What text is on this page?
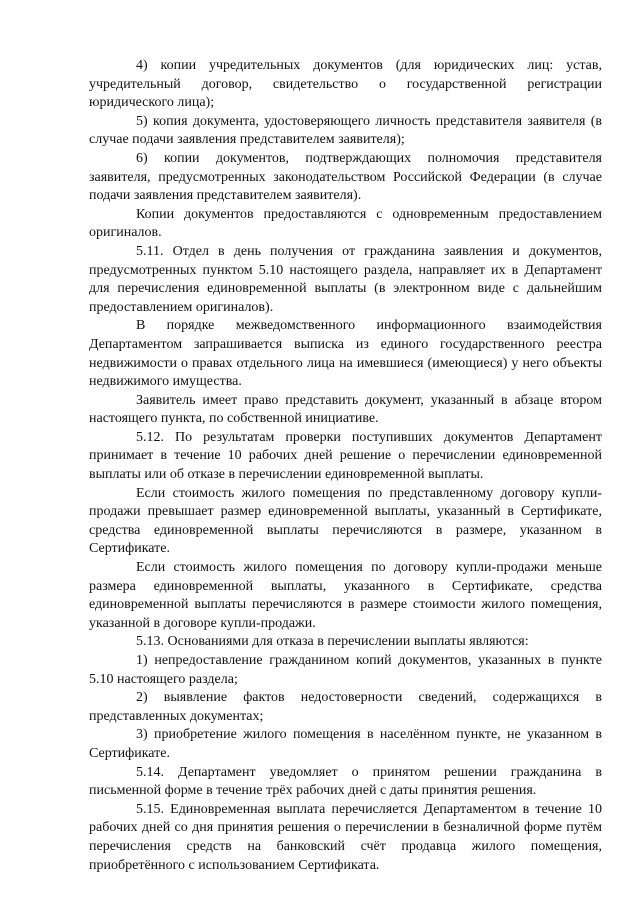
4) копии учредительных документов (для юридических лиц: устав, учредительный договор, свидетельство о государственной регистрации юридического лица);

5) копия документа, удостоверяющего личность представителя заявителя (в случае подачи заявления представителем заявителя);

6) копии документов, подтверждающих полномочия представителя заявителя, предусмотренных законодательством Российской Федерации (в случае подачи заявления представителем заявителя).

Копии документов предоставляются с одновременным предоставлением оригиналов.

5.11. Отдел в день получения от гражданина заявления и документов, предусмотренных пунктом 5.10 настоящего раздела, направляет их в Департамент для перечисления единовременной выплаты (в электронном виде с дальнейшим предоставлением оригиналов).

В порядке межведомственного информационного взаимодействия Департаментом запрашивается выписка из единого государственного реестра недвижимости о правах отдельного лица на имевшиеся (имеющиеся) у него объекты недвижимого имущества.

Заявитель имеет право представить документ, указанный в абзаце втором настоящего пункта, по собственной инициативе.

5.12. По результатам проверки поступивших документов Департамент принимает в течение 10 рабочих дней решение о перечислении единовременной выплаты или об отказе в перечислении единовременной выплаты.

Если стоимость жилого помещения по представленному договору купли-продажи превышает размер единовременной выплаты, указанный в Сертификате, средства единовременной выплаты перечисляются в размере, указанном в Сертификате.

Если стоимость жилого помещения по договору купли-продажи меньше размера единовременной выплаты, указанного в Сертификате, средства единовременной выплаты перечисляются в размере стоимости жилого помещения, указанной в договоре купли-продажи.

5.13. Основаниями для отказа в перечислении выплаты являются:

1) непредоставление гражданином копий документов, указанных в пункте 5.10 настоящего раздела;

2) выявление фактов недостоверности сведений, содержащихся в представленных документах;

3) приобретение жилого помещения в населённом пункте, не указанном в Сертификате.

5.14. Департамент уведомляет о принятом решении гражданина в письменной форме в течение трёх рабочих дней с даты принятия решения.

5.15. Единовременная выплата перечисляется Департаментом в течение 10 рабочих дней со дня принятия решения о перечислении в безналичной форме путём перечисления средств на банковский счёт продавца жилого помещения, приобретённого с использованием Сертификата.
